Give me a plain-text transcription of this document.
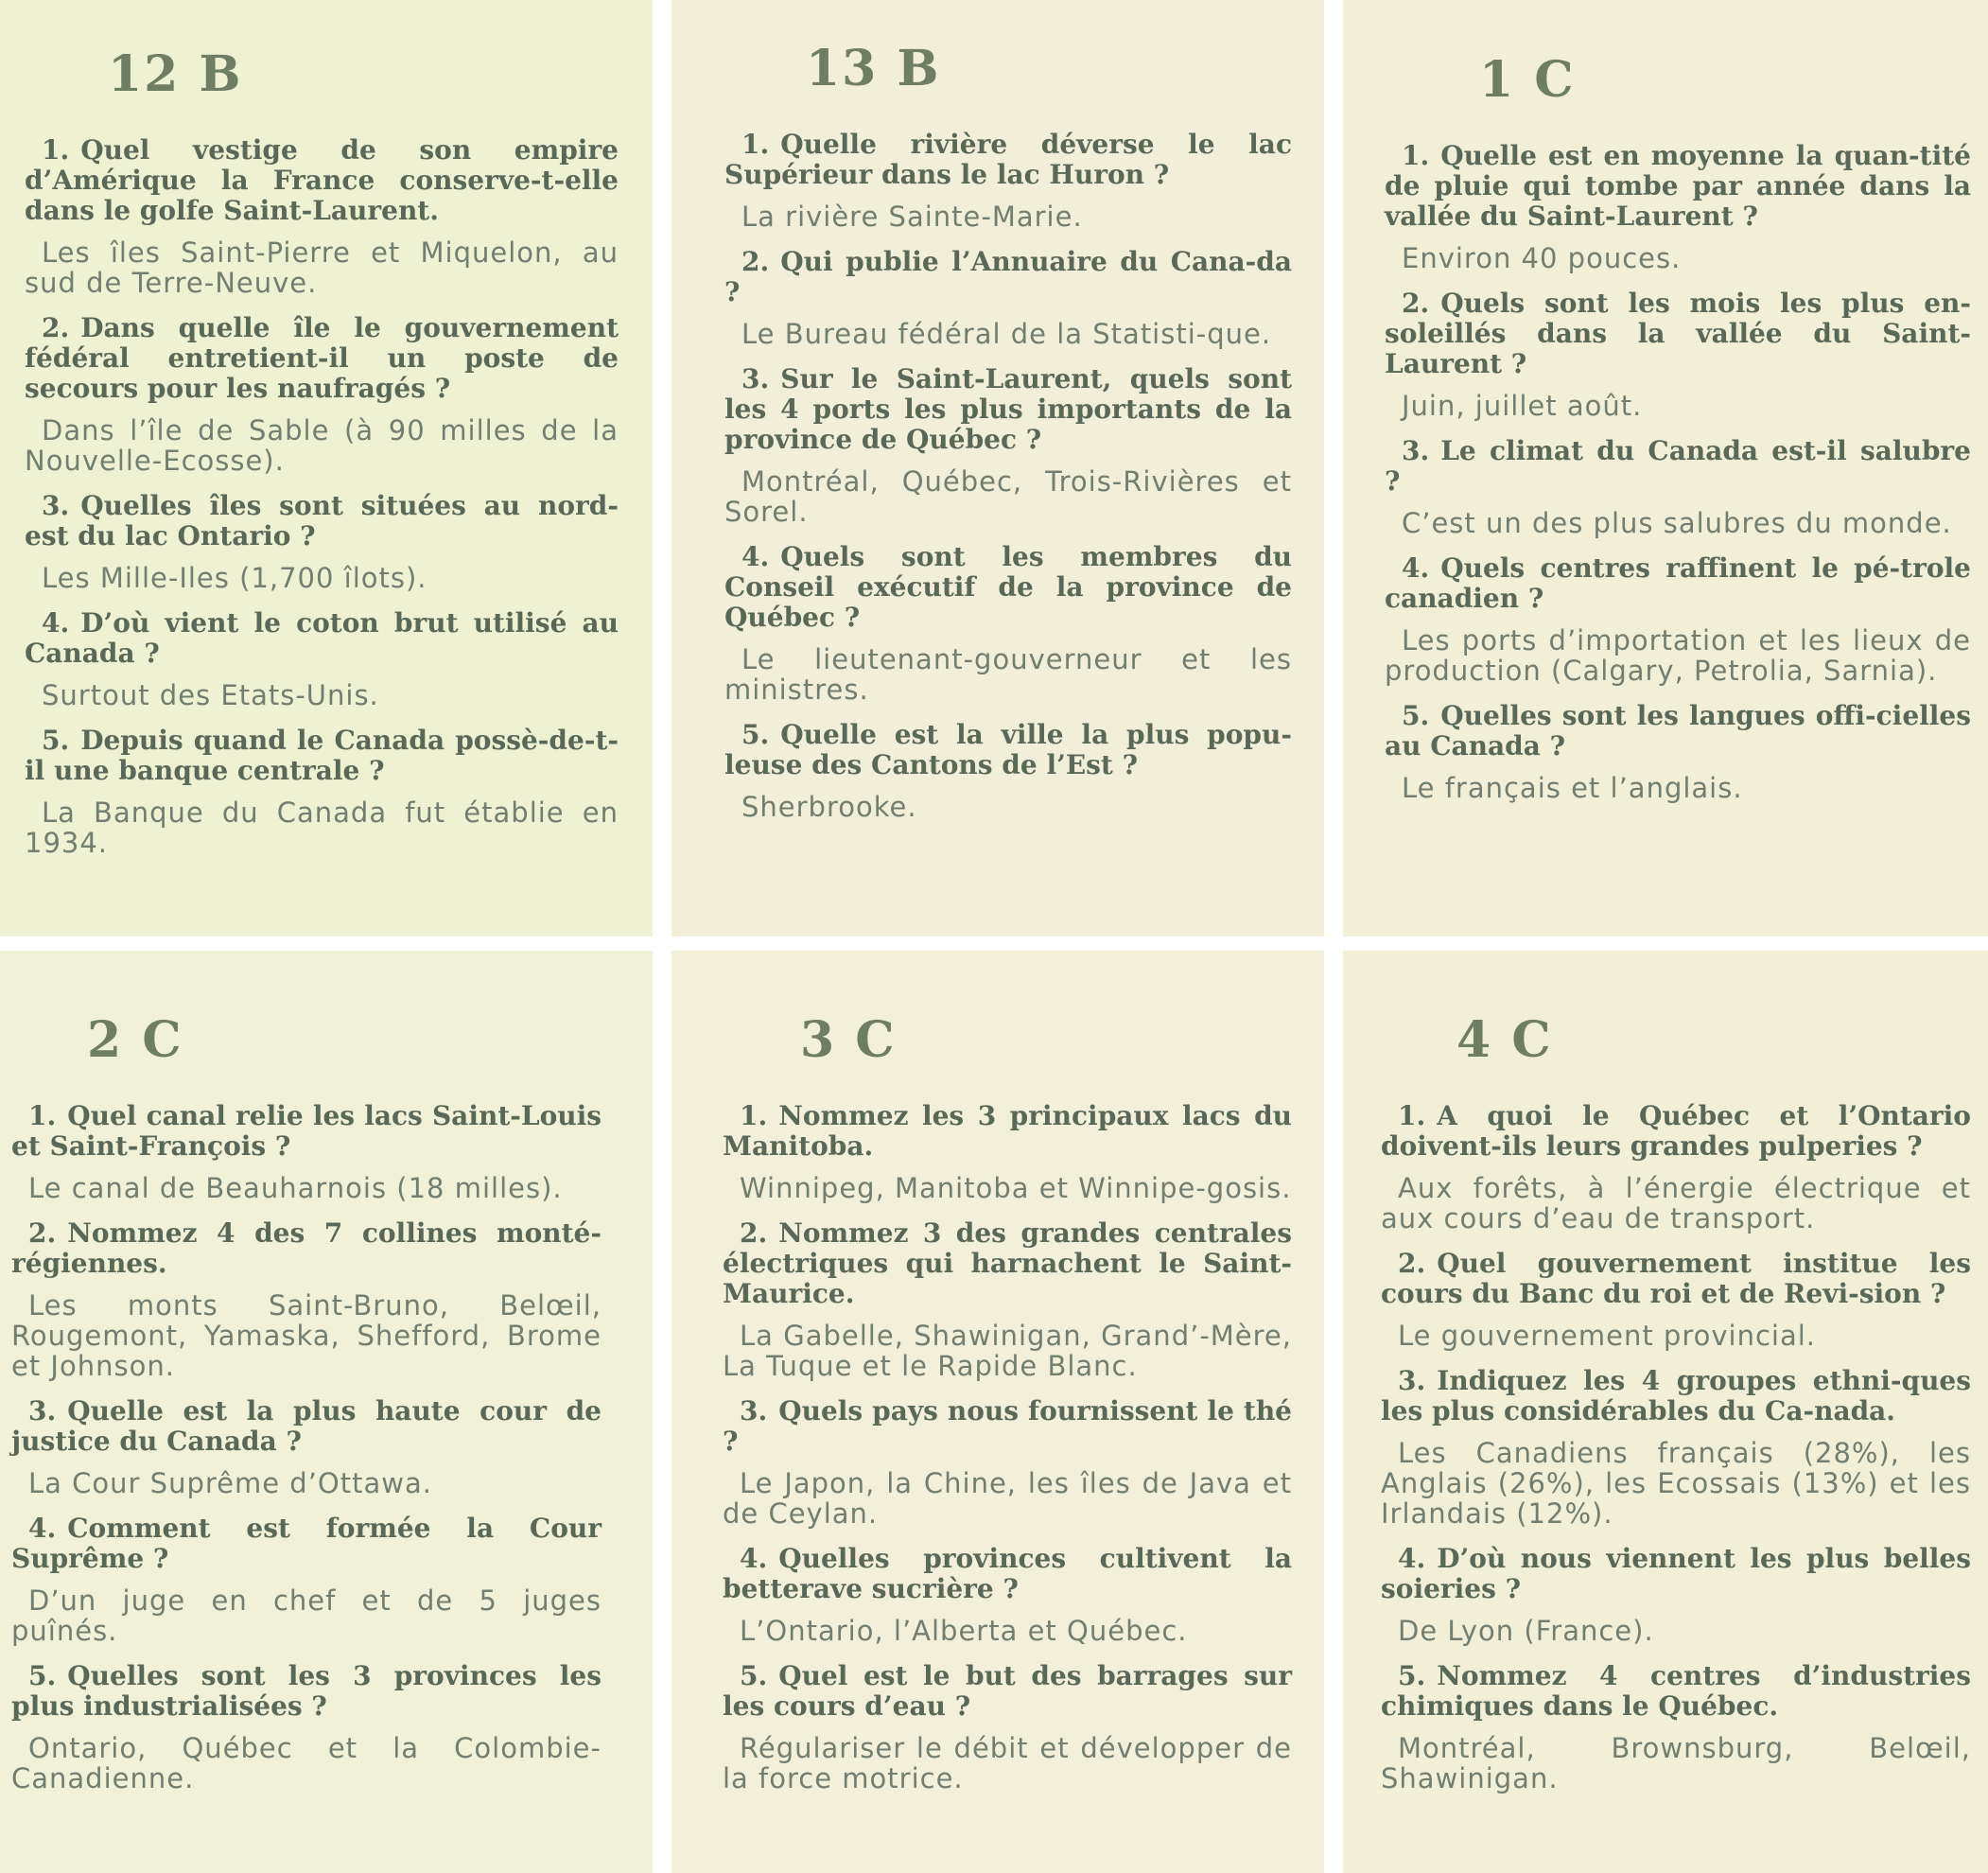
12 B
1. Quel vestige de son empire d’Amérique la France conserve-t-elle dans le golfe Saint-Laurent.
Les îles Saint-Pierre et Miquelon, au sud de Terre-Neuve.
2. Dans quelle île le gouvernement fédéral entretient-il un poste de secours pour les naufragés ?
Dans l’île de Sable (à 90 milles de la Nouvelle-Ecosse).
3. Quelles îles sont situées au nord-est du lac Ontario ?
Les Mille-Iles (1,700 îlots).
4. D’où vient le coton brut utilisé au Canada ?
Surtout des Etats-Unis.
5. Depuis quand le Canada possè-de-t-il une banque centrale ?
La Banque du Canada fut établie en 1934.
13 B
1. Quelle rivière déverse le lac Supérieur dans le lac Huron ?
La rivière Sainte-Marie.
2. Qui publie l’Annuaire du Cana-da ?
Le Bureau fédéral de la Statisti-que.
3. Sur le Saint-Laurent, quels sont les 4 ports les plus importants de la province de Québec ?
Montréal, Québec, Trois-Rivières et Sorel.
4. Quels sont les membres du Conseil exécutif de la province de Québec ?
Le lieutenant-gouverneur et les ministres.
5. Quelle est la ville la plus popu-leuse des Cantons de l’Est ?
Sherbrooke.
1 C
1. Quelle est en moyenne la quan-tité de pluie qui tombe par année dans la vallée du Saint-Laurent ?
Environ 40 pouces.
2. Quels sont les mois les plus en-soleillés dans la vallée du Saint-Laurent ?
Juin, juillet août.
3. Le climat du Canada est-il salubre ?
C’est un des plus salubres du monde.
4. Quels centres raffinent le pé-trole canadien ?
Les ports d’importation et les lieux de production (Calgary, Petrolia, Sarnia).
5. Quelles sont les langues offi-cielles au Canada ?
Le français et l’anglais.
2 C
1. Quel canal relie les lacs Saint-Louis et Saint-François ?
Le canal de Beauharnois (18 milles).
2. Nommez 4 des 7 collines monté-régiennes.
Les monts Saint-Bruno, Belœil, Rougemont, Yamaska, Shefford, Brome et Johnson.
3. Quelle est la plus haute cour de justice du Canada ?
La Cour Suprême d’Ottawa.
4. Comment est formée la Cour Suprême ?
D’un juge en chef et de 5 juges puînés.
5. Quelles sont les 3 provinces les plus industrialisées ?
Ontario, Québec et la Colombie-Canadienne.
3 C
1. Nommez les 3 principaux lacs du Manitoba.
Winnipeg, Manitoba et Winnipe-gosis.
2. Nommez 3 des grandes centrales électriques qui harnachent le Saint-Maurice.
La Gabelle, Shawinigan, Grand’-Mère, La Tuque et le Rapide Blanc.
3. Quels pays nous fournissent le thé ?
Le Japon, la Chine, les îles de Java et de Ceylan.
4. Quelles provinces cultivent la betterave sucrière ?
L’Ontario, l’Alberta et Québec.
5. Quel est le but des barrages sur les cours d’eau ?
Régulariser le débit et développer de la force motrice.
4 C
1. A quoi le Québec et l’Ontario doivent-ils leurs grandes pulperies ?
Aux forêts, à l’énergie électrique et aux cours d’eau de transport.
2. Quel gouvernement institue les cours du Banc du roi et de Revi-sion ?
Le gouvernement provincial.
3. Indiquez les 4 groupes ethni-ques les plus considérables du Ca-nada.
Les Canadiens français (28%), les Anglais (26%), les Ecossais (13%) et les Irlandais (12%).
4. D’où nous viennent les plus belles soieries ?
De Lyon (France).
5. Nommez 4 centres d’industries chimiques dans le Québec.
Montréal, Brownsburg, Belœil, Shawinigan.
